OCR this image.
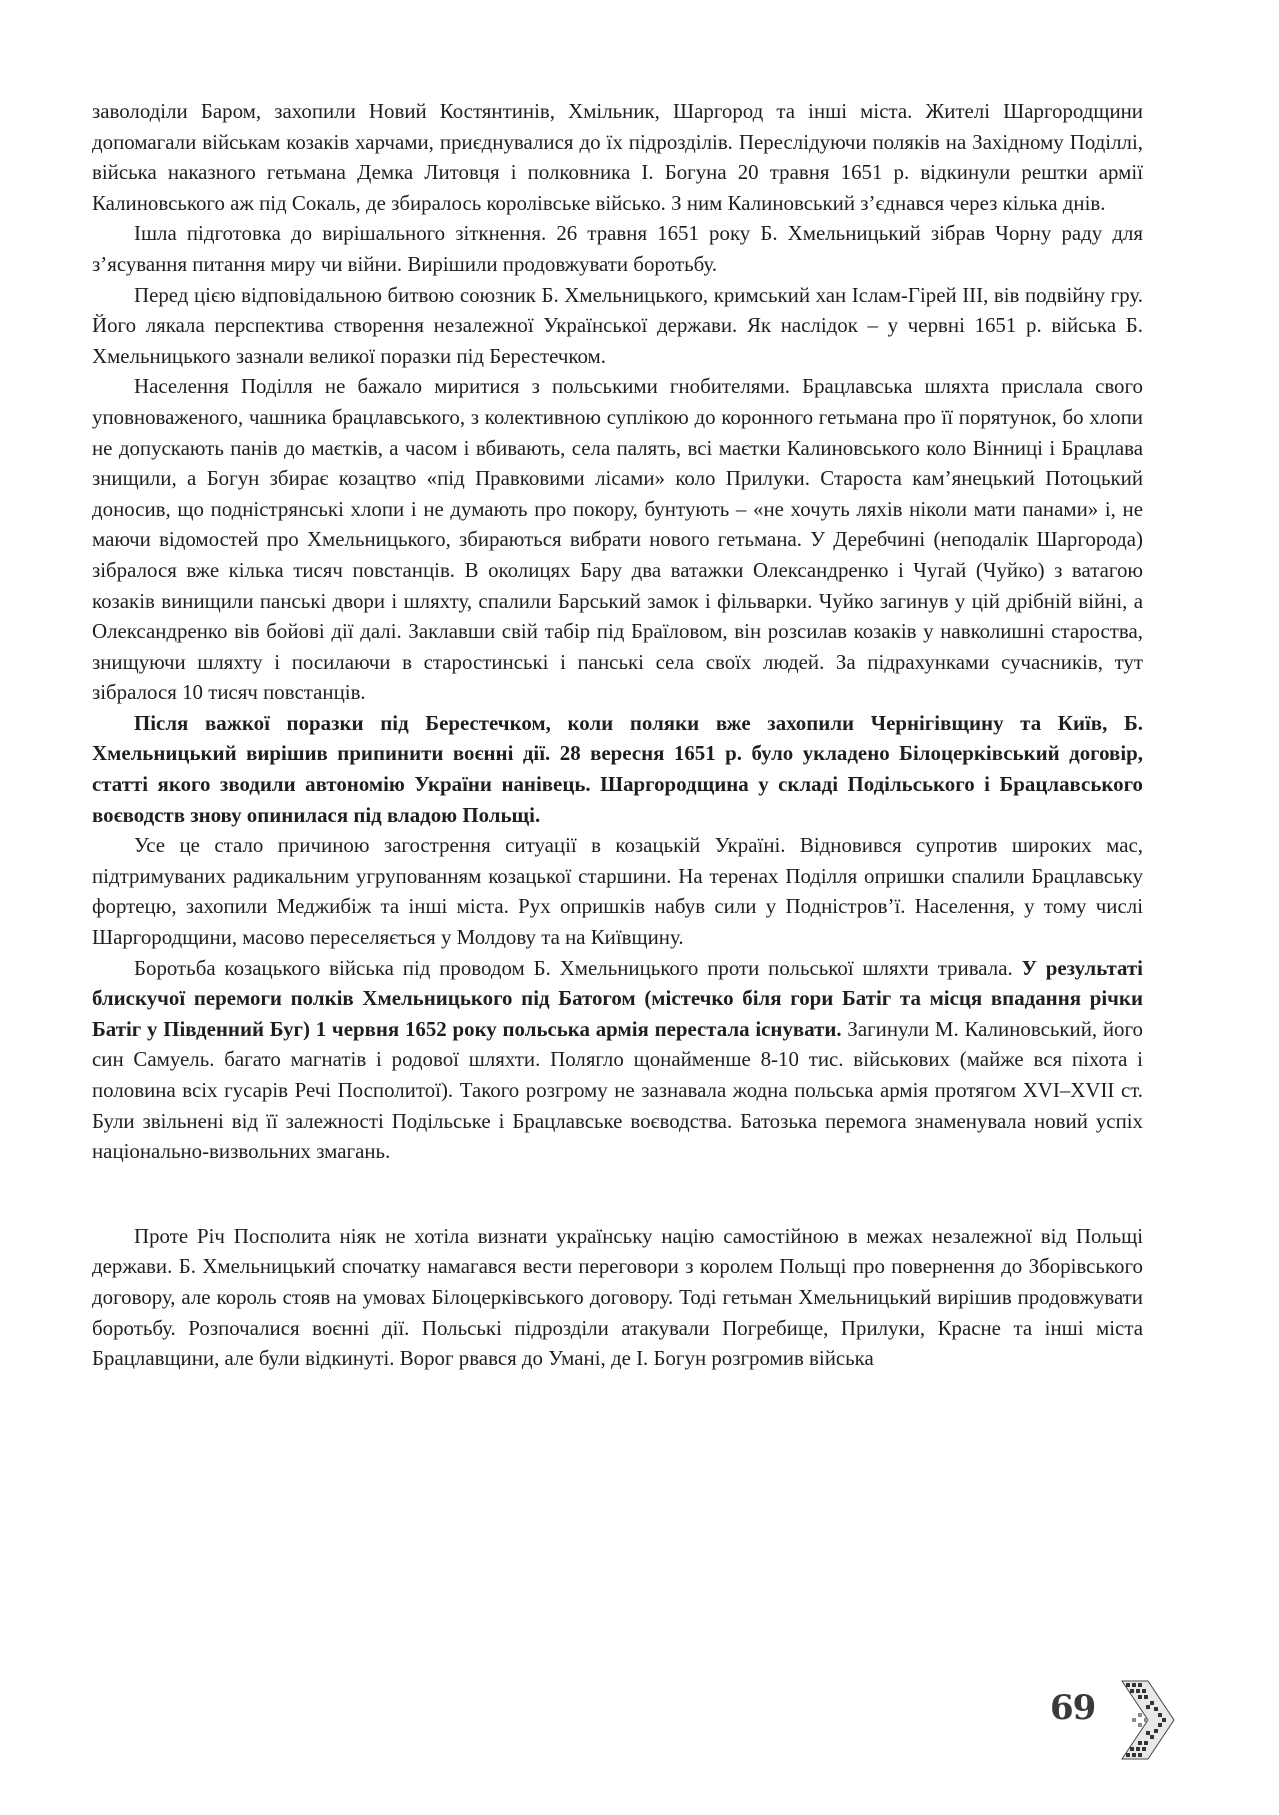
заволоділи Баром, захопили Новий Костянтинів, Хмільник, Шаргород та інші міста. Жителі Шаргородщини допомагали військам козаків харчами, приєднувалися до їх підрозділів. Переслідуючи поляків на Західному Поділлі, війська наказного гетьмана Демка Литовця і полковника І. Богуна 20 травня 1651 р. відкинули рештки армії Калиновського аж під Сокаль, де збиралось королівське військо. З ним Калиновський з’єднався через кілька днів.

Ішла підготовка до вирішального зіткнення. 26 травня 1651 року Б. Хмельницький зібрав Чорну раду для з’ясування питання миру чи війни. Вирішили продовжувати боротьбу.

Перед цією відповідальною битвою союзник Б. Хмельницького, кримський хан Іслам-Гірей ІІІ, вів подвійну гру. Його лякала перспектива створення незалежної Української держави. Як наслідок – у червні 1651 р. війська Б. Хмельницького зазнали великої поразки під Берестечком.

Населення Поділля не бажало миритися з польськими гнобителями. Брацлавська шляхта прислала свого уповноваженого, чашника брацлавського, з колективною суплікою до коронного гетьмана про її порятунок, бо хлопи не допускають панів до маєтків, а часом і вбивають, села палять, всі маєтки Калиновського коло Вінниці і Брацлава знищили, а Богун збирає козацтво «під Правковими лісами» коло Прилуки. Староста кам’янецький Потоцький доносив, що подністрянські хлопи і не думають про покору, бунтують – «не хочуть ляхів ніколи мати панами» і, не маючи відомостей про Хмельницького, збираються вибрати нового гетьмана. У Деребчині (неподалік Шаргорода) зібралося вже кілька тисяч повстанців. В околицях Бару два ватажки Олександренко і Чугай (Чуйко) з ватагою козаків винищили панські двори і шляхту, спалили Барський замок і фільварки. Чуйко загинув у цій дрібній війні, а Олександренко вів бойові дії далі. Заклавши свій табір під Браїловом, він розсилав козаків у навколишні староства, знищуючи шляхту і посилаючи в старостинські і панські села своїх людей. За підрахунками сучасників, тут зібралося 10 тисяч повстанців.

Після важкої поразки під Берестечком, коли поляки вже захопили Чернігівщину та Київ, Б. Хмельницький вирішив припинити воєнні дії. 28 вересня 1651 р. було укладено Білоцерківський договір, статті якого зводили автономію України нанівець. Шаргородщина у складі Подільського і Брацлавського воєводств знову опинилася під владою Польщі.

Усе це стало причиною загострення ситуації в козацькій Україні. Відновився супротив широких мас, підтримуваних радикальним угрупованням козацької старшини. На теренах Поділля опришки спалили Брацлавську фортецю, захопили Меджибіж та інші міста. Рух опришків набув сили у Подністров’ї. Населення, у тому числі Шаргородщини, масово переселяється у Молдову та на Київщину.

Боротьба козацького війська під проводом Б. Хмельницького проти польської шляхти тривала. У результаті блискучої перемоги полків Хмельницького під Батогом (містечко біля гори Батіг та місця впадання річки Батіг у Південний Буг) 1 червня 1652 року польська армія перестала існувати. Загинули М. Калиновський, його син Самуель. багато магнатів і родової шляхти. Полягло щонайменше 8-10 тис. військових (майже вся піхота і половина всіх гусарів Речі Посполитої). Такого розгрому не зазнавала жодна польська армія протягом XVI–XVII ст. Були звільнені від її залежності Подільське і Брацлавське воєводства. Батозька перемога знаменувала новий успіх національно-визвольних змагань.

Проте Річ Посполита ніяк не хотіла визнати українську націю самостійною в межах незалежної від Польщі держави. Б. Хмельницький спочатку намагався вести переговори з королем Польщі про повернення до Зборівського договору, але король стояв на умовах Білоцерківського договору. Тоді гетьман Хмельницький вирішив продовжувати боротьбу. Розпочалися воєнні дії. Польські підрозділи атакували Погребище, Прилуки, Красне та інші міста Брацлавщини, але були відкинуті. Ворог рвався до Умані, де І. Богун розгромив війська

69
